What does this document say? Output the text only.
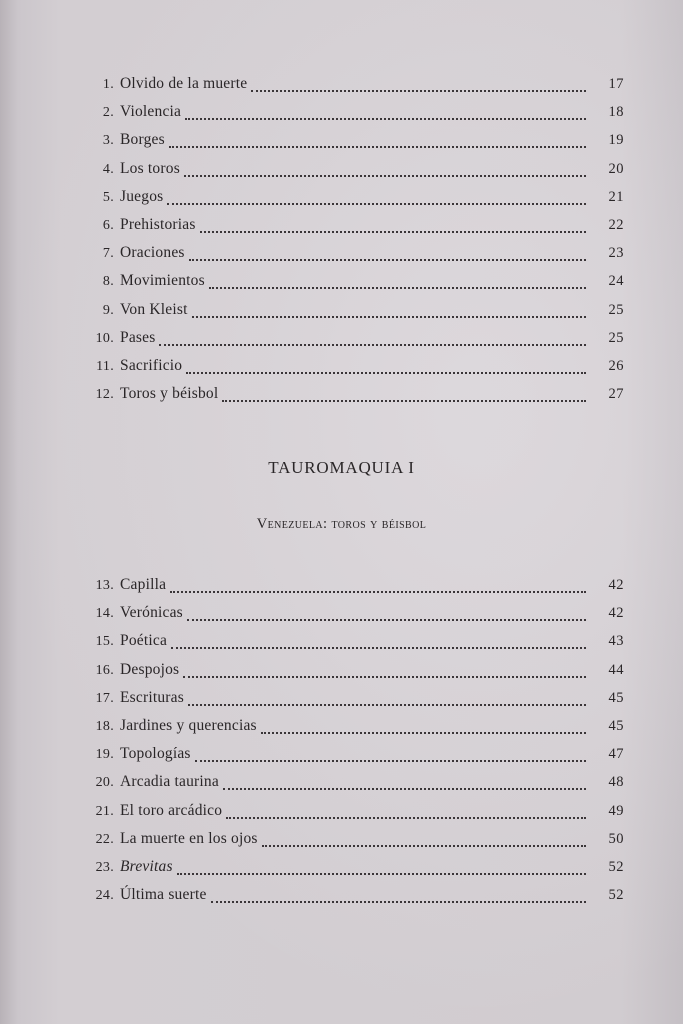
1. Olvido de la muerte	17
2. Violencia	18
3. Borges	19
4. Los toros	20
5. Juegos	21
6. Prehistorias	22
7. Oraciones	23
8. Movimientos	24
9. Von Kleist	25
10. Pases	25
11. Sacrificio	26
12. Toros y béisbol	27
TAUROMAQUIA I
Venezuela: toros y béisbol
13. Capilla	42
14. Verónicas	42
15. Poética	43
16. Despojos	44
17. Escrituras	45
18. Jardines y querencias	45
19. Topologías	47
20. Arcadia taurina	48
21. El toro arcádico	49
22. La muerte en los ojos	50
23. Brevitas	52
24. Última suerte	52
